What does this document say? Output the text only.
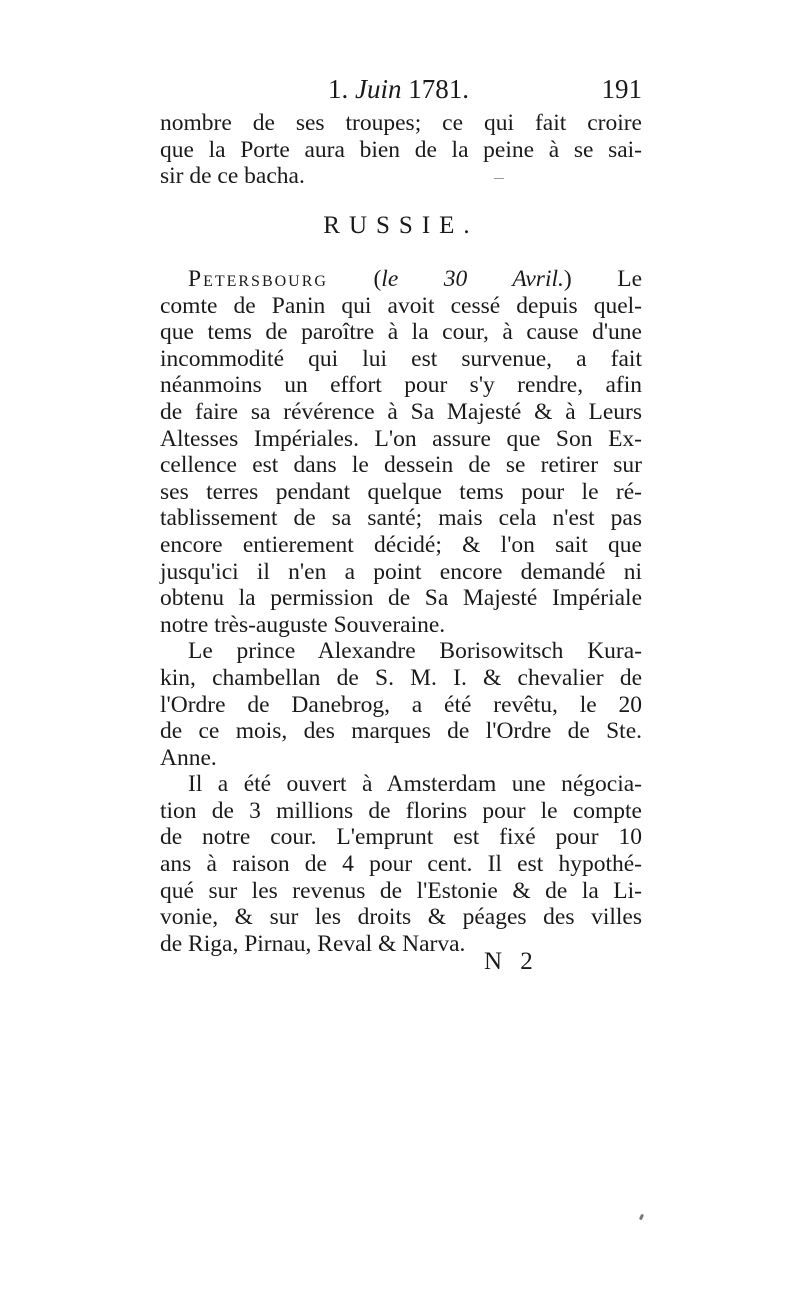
1. Juin 1781.	191
nombre de ses troupes; ce qui fait croire
que la Porte aura bien de la peine à se sai-
sir de ce bacha.
RUSSIE.
Petersbourg (le 30 Avril.) Le
comte de Panin qui avoit cessé depuis quel-
que tems de paroître à la cour, à cause d'une
incommodité qui lui est survenue, a fait
néanmoins un effort pour s'y rendre, afin
de faire sa révérence à Sa Majesté & à Leurs
Altesses Impériales. L'on assure que Son Ex-
cellence est dans le dessein de se retirer sur
ses terres pendant quelque tems pour le ré-
tablissement de sa santé; mais cela n'est pas
encore entierement décidé; & l'on sait que
jusqu'ici il n'en a point encore demandé ni
obtenu la permission de Sa Majesté Impériale
notre très-auguste Souveraine.
Le prince Alexandre Borisowitsch Kura-
kin, chambellan de S. M. I. & chevalier de
l'Ordre de Danebrog, a été revêtu, le 20
de ce mois, des marques de l'Ordre de Ste.
Anne.
Il a été ouvert à Amsterdam une négocia-
tion de 3 millions de florins pour le compte
de notre cour. L'emprunt est fixé pour 10
ans à raison de 4 pour cent. Il est hypothé-
qué sur les revenus de l'Estonie & de la Li-
vonie, & sur les droits & péages des villes
de Riga, Pirnau, Reval & Narva.
N 2
